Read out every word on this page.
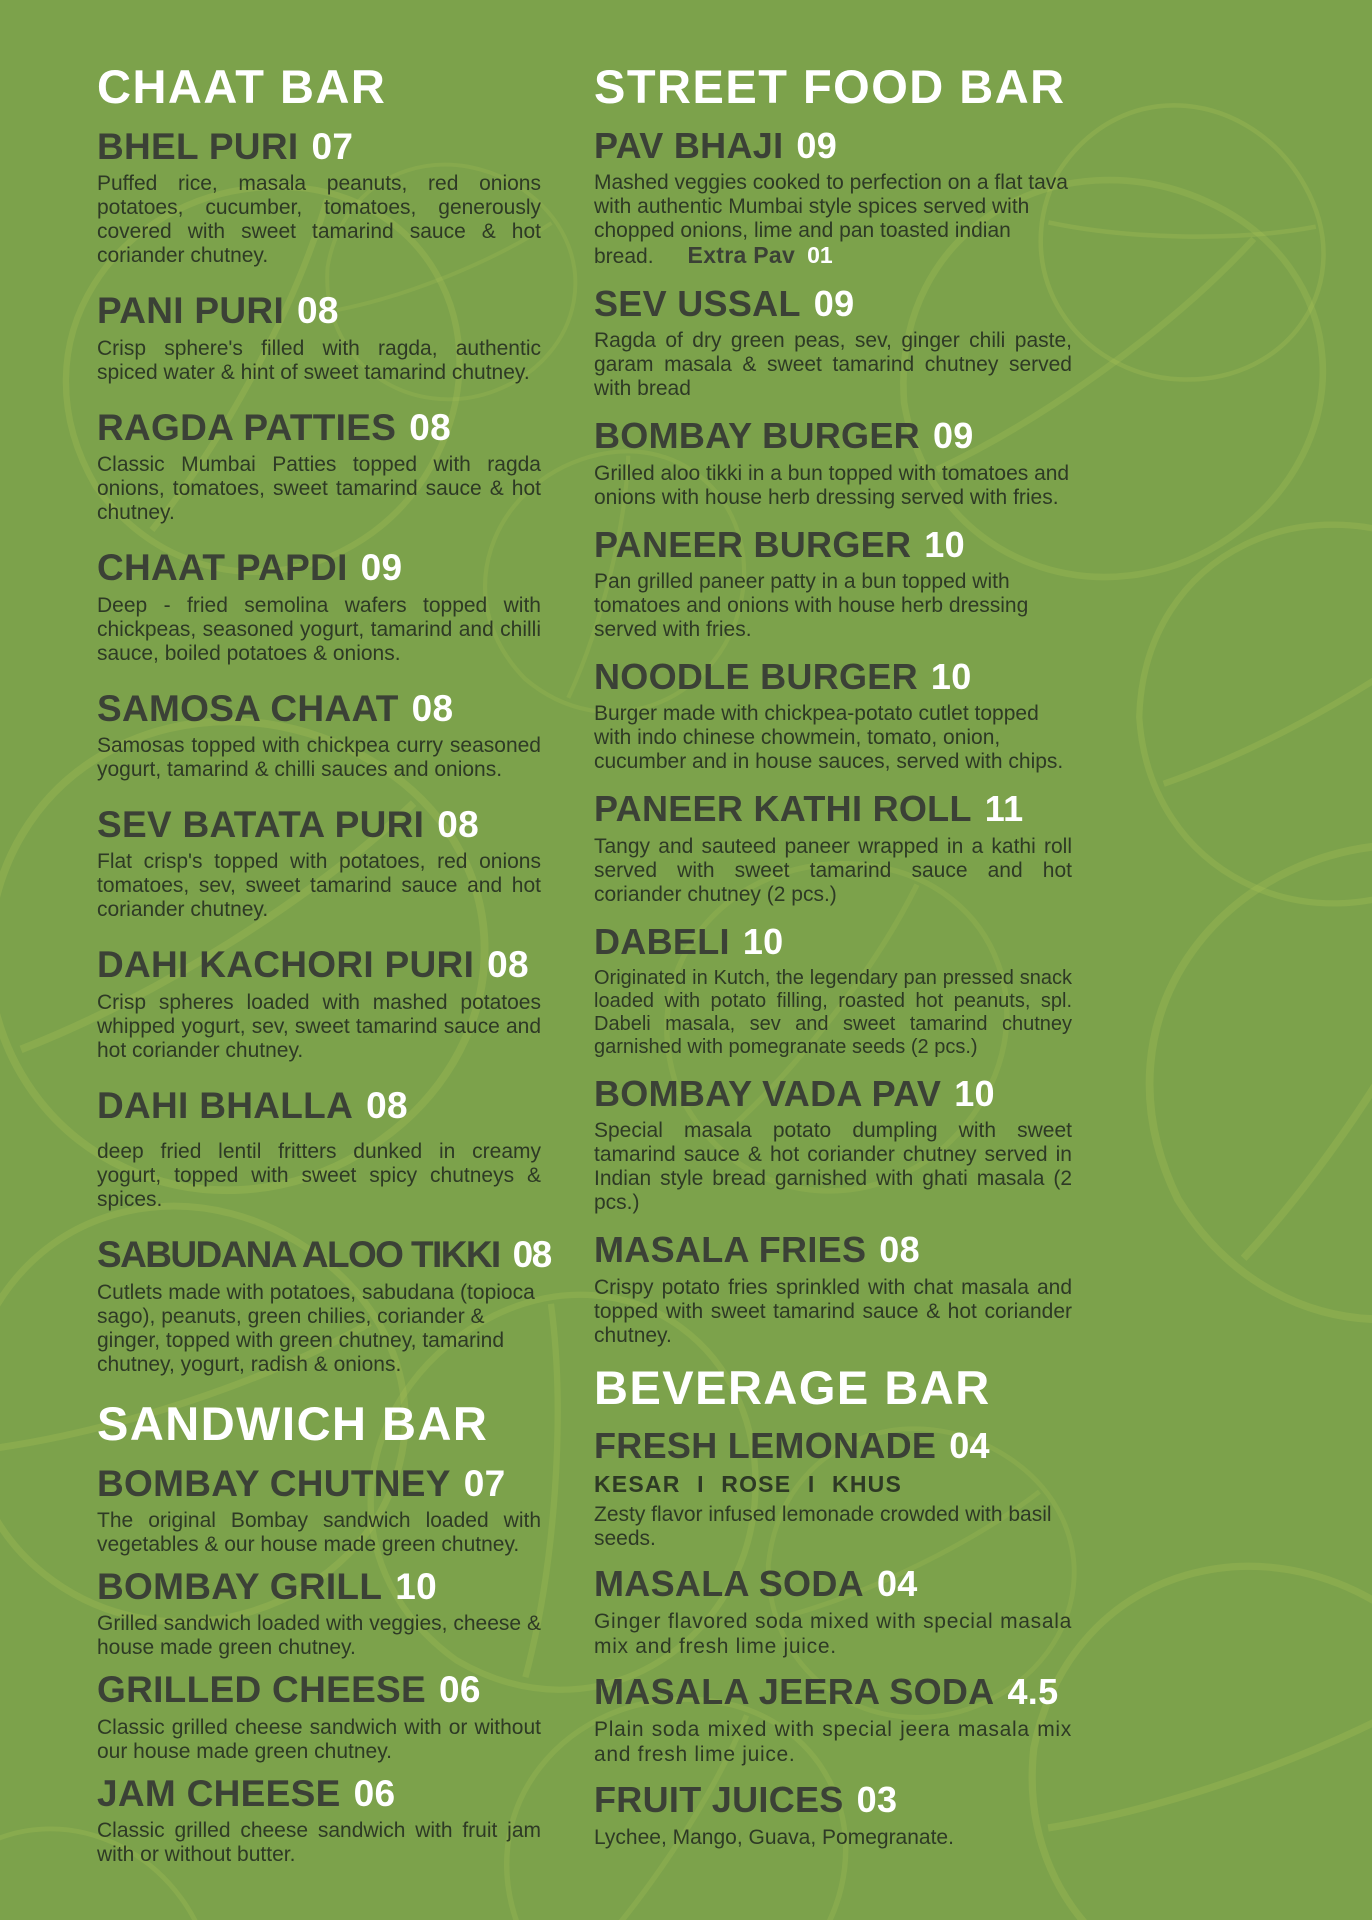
CHAAT BAR
BHEL PURI 07

Puffed rice, masala peanuts, red onions potatoes, cucumber, tomatoes, generously covered with sweet tamarind sauce & hot coriander chutney.

PANI PURI 08

Crisp sphere's filled with ragda, authentic spiced water & hint of sweet tamarind chutney.

RAGDA PATTIES 08

Classic Mumbai Patties topped with ragda onions, tomatoes, sweet tamarind sauce & hot chutney.

CHAAT PAPDI 09

Deep - fried semolina wafers topped with chickpeas, seasoned yogurt, tamarind and chilli sauce, boiled potatoes & onions.

SAMOSA CHAAT 08

Samosas topped with chickpea curry seasoned yogurt, tamarind & chilli sauces and onions.

SEV BATATA PURI 08

Flat crisp's topped with potatoes, red onions tomatoes, sev, sweet tamarind sauce and hot coriander chutney.

DAHI KACHORI PURI 08

Crisp spheres loaded with mashed potatoes whipped yogurt, sev, sweet tamarind sauce and hot coriander chutney.

DAHI BHALLA 08

deep fried lentil fritters dunked in creamy yogurt, topped with sweet spicy chutneys & spices.

SABUDANA ALOO TIKKI 08

Cutlets made with potatoes, sabudana (topioca sago), peanuts, green chilies, coriander & ginger, topped with green chutney, tamarind chutney, yogurt, radish & onions.

SANDWICH BAR
BOMBAY CHUTNEY 07

The original Bombay sandwich loaded with vegetables & our house made green chutney.

BOMBAY GRILL 10

Grilled sandwich loaded with veggies, cheese & house made green chutney.

GRILLED CHEESE 06

Classic grilled cheese sandwich with or without our house made green chutney.

JAM CHEESE 06

Classic grilled cheese sandwich with fruit jam with or without butter.

STREET FOOD BAR
PAV BHAJI 09

Mashed veggies cooked to perfection on a flat tava with authentic Mumbai style spices served with chopped onions, lime and pan toasted indian bread. Extra Pav 01

SEV USSAL 09

Ragda of dry green peas, sev, ginger chili paste, garam masala & sweet tamarind chutney served with bread

BOMBAY BURGER 09

Grilled aloo tikki in a bun topped with tomatoes and onions with house herb dressing served with fries.

PANEER BURGER 10

Pan grilled paneer patty in a bun topped with tomatoes and onions with house herb dressing served with fries.

NOODLE BURGER 10

Burger made with chickpea-potato cutlet topped with indo chinese chowmein, tomato, onion, cucumber and in house sauces, served with chips.

PANEER KATHI ROLL 11

Tangy and sauteed paneer wrapped in a kathi roll served with sweet tamarind sauce and hot coriander chutney (2 pcs.)

DABELI 10

Originated in Kutch, the legendary pan pressed snack loaded with potato filling, roasted hot peanuts, spl. Dabeli masala, sev and sweet tamarind chutney garnished with pomegranate seeds (2 pcs.)

BOMBAY VADA PAV 10

Special masala potato dumpling with sweet tamarind sauce & hot coriander chutney served in Indian style bread garnished with ghati masala (2 pcs.)

MASALA FRIES 08

Crispy potato fries sprinkled with chat masala and topped with sweet tamarind sauce & hot coriander chutney.

BEVERAGE BAR
FRESH LEMONADE 04

KESAR I ROSE I KHUS

Zesty flavor infused lemonade crowded with basil seeds.

MASALA SODA 04

Ginger flavored soda mixed with special masala mix and fresh lime juice.

MASALA JEERA SODA 4.5

Plain soda mixed with special jeera masala mix and fresh lime juice.

FRUIT JUICES 03

Lychee, Mango, Guava, Pomegranate.
